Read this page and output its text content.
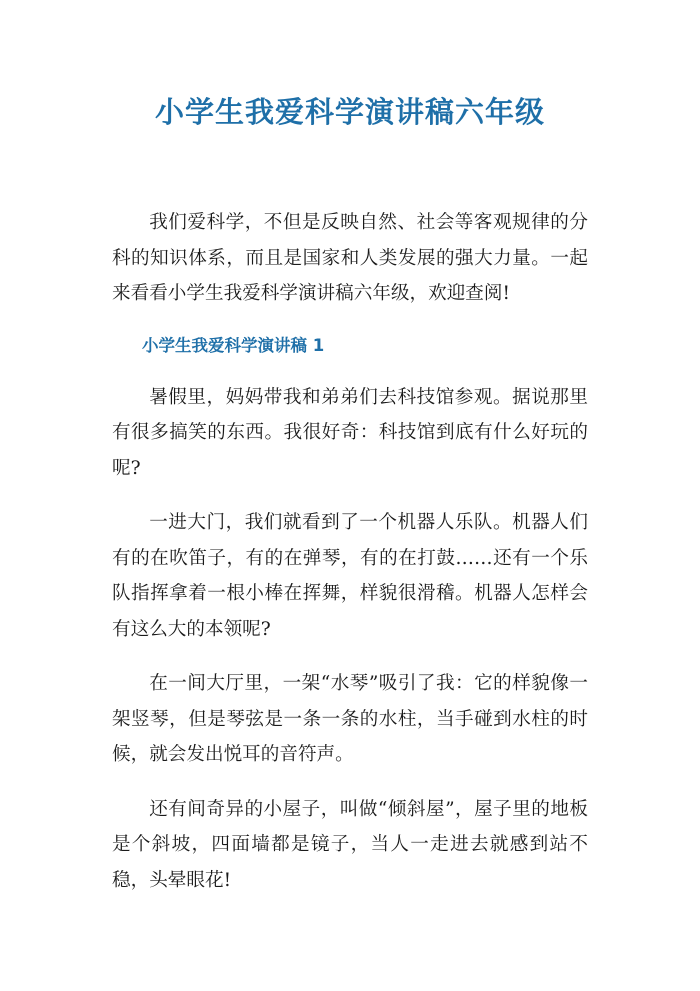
小学生我爱科学演讲稿六年级

我们爱科学，不但是反映自然、社会等客观规律的分科的知识体系，而且是国家和人类发展的强大力量。一起来看看小学生我爱科学演讲稿六年级，欢迎查阅!

小学生我爱科学演讲稿 1

暑假里，妈妈带我和弟弟们去科技馆参观。据说那里有很多搞笑的东西。我很好奇：科技馆到底有什么好玩的呢?

一进大门，我们就看到了一个机器人乐队。机器人们有的在吹笛子，有的在弹琴，有的在打鼓……还有一个乐队指挥拿着一根小棒在挥舞，样貌很滑稽。机器人怎样会有这么大的本领呢?

在一间大厅里，一架“水琴”吸引了我：它的样貌像一架竖琴，但是琴弦是一条一条的水柱，当手碰到水柱的时候，就会发出悦耳的音符声。

还有间奇异的小屋子，叫做“倾斜屋”，屋子里的地板是个斜坡，四面墙都是镜子，当人一走进去就感到站不稳，头晕眼花!
